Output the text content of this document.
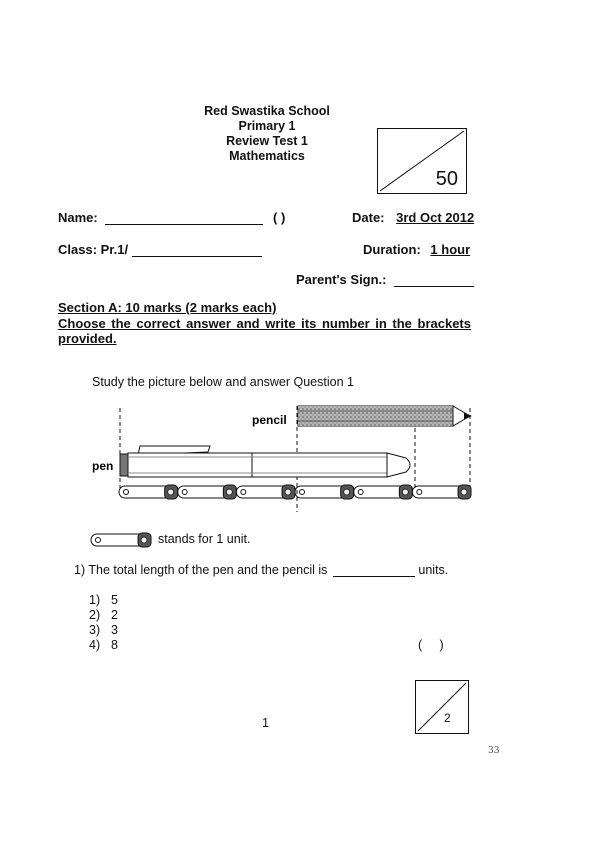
Red Swastika School
Primary 1
Review Test 1
Mathematics
50
Name:	( )	Date: 3rd Oct 2012
Class: Pr.1/	Duration: 1 hour
Parent's Sign.:
Section A: 10 marks (2 marks each)
Choose the correct answer and write its number in the brackets provided.
Study the picture below and answer Question 1
pencil
pen
stands for 1 unit.
1) The total length of the pen and the pencil is	units.
1) 5
2) 2
3) 3
4) 8	(     )
1	2
33
